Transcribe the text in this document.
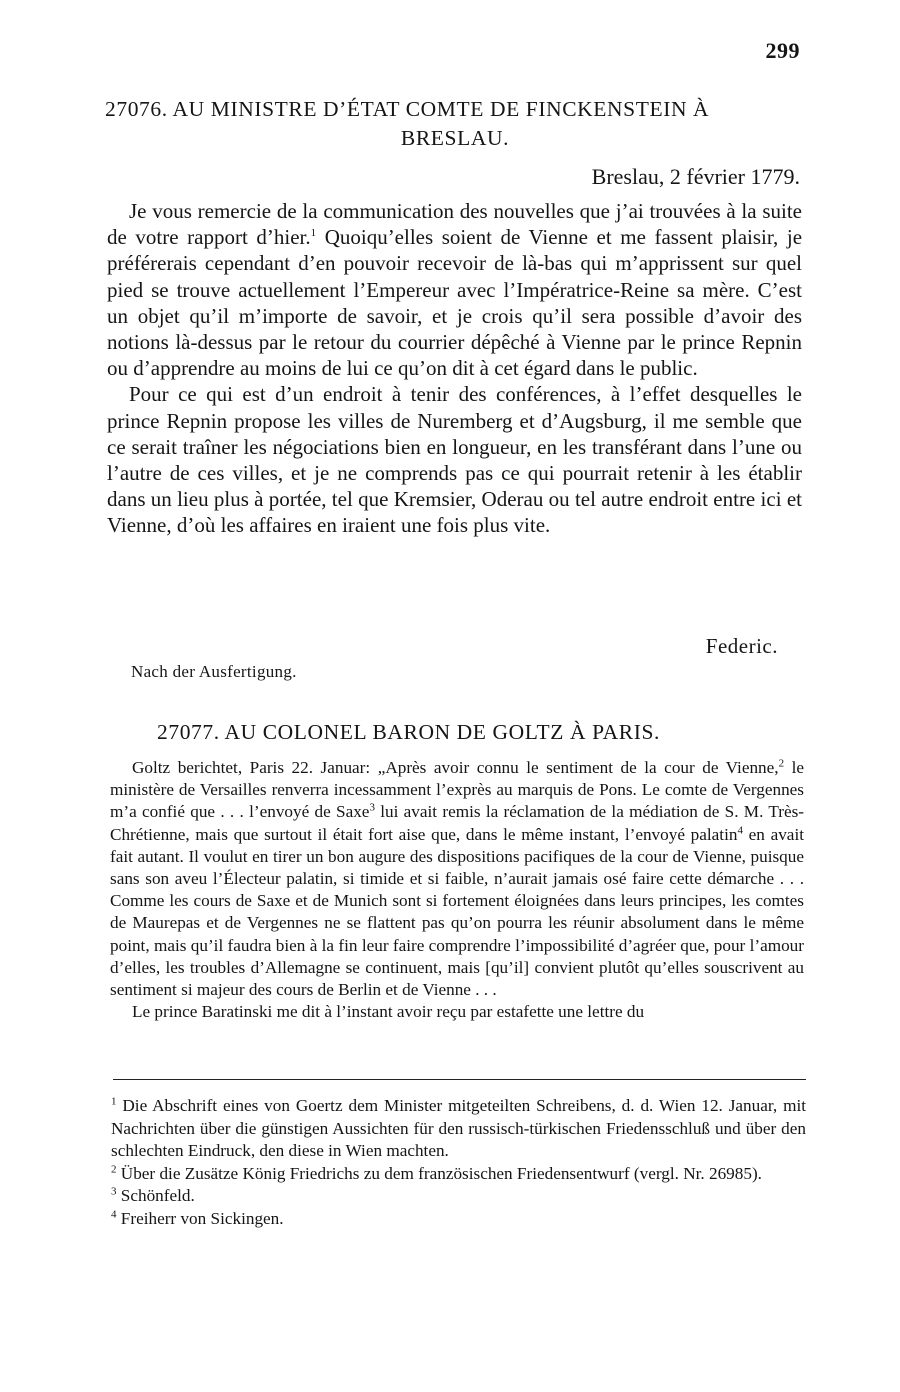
299
27076. AU MINISTRE D’ÉTAT COMTE DE FINCKENSTEIN À
BRESLAU.
Breslau, 2 février 1779.

Je vous remercie de la communication des nouvelles que j’ai trouvées à la suite de votre rapport d’hier.$^1$ Quoiqu’elles soient de Vienne et me fassent plaisir, je préférerais cependant d’en pouvoir recevoir de là-bas qui m’apprissent sur quel pied se trouve actuellement l’Empereur avec l’Impératrice-Reine sa mère. C’est un objet qu’il m’importe de savoir, et je crois qu’il sera possible d’avoir des notions là-dessus par le retour du courrier dépêché à Vienne par le prince Repnin ou d’apprendre au moins de lui ce qu’on dit à cet égard dans le public.

Pour ce qui est d’un endroit à tenir des conférences, à l’effet desquelles le prince Repnin propose les villes de Nuremberg et d’Augsburg, il me semble que ce serait traîner les négociations bien en longueur, en les transférant dans l’une ou l’autre de ces villes, et je ne comprends pas ce qui pourrait retenir à les établir dans un lieu plus à portée, tel que Kremsier, Oderau ou tel autre endroit entre ici et Vienne, d’où les affaires en iraient une fois plus vite.

Federic.
Nach der Ausfertigung.
27077. AU COLONEL BARON DE GOLTZ À PARIS.

Goltz berichtet, Paris 22. Januar: „Après avoir connu le sentiment de la cour de Vienne,$^2$ le ministère de Versailles renverra incessamment l’exprès au marquis de Pons. Le comte de Vergennes m’a confié que . . . l’envoyé de Saxe$^3$ lui avait remis la réclamation de la médiation de S. M. Très-Chrétienne, mais que surtout il était fort aise que, dans le même instant, l’envoyé palatin$^4$ en avait fait autant. Il voulut en tirer un bon augure des dispositions pacifiques de la cour de Vienne, puisque sans son aveu l’Électeur palatin, si timide et si faible, n’aurait jamais osé faire cette démarche . . . Comme les cours de Saxe et de Munich sont si fortement éloignées dans leurs principes, les comtes de Maurepas et de Vergennes ne se flattent pas qu’on pourra les réunir absolument dans le même point, mais qu’il faudra bien à la fin leur faire comprendre l’impossibilité d’agréer que, pour l’amour d’elles, les troubles d’Allemagne se continuent, mais [qu’il] convient plutôt qu’elles souscrivent au sentiment si majeur des cours de Berlin et de Vienne . . .

Le prince Baratinski me dit à l’instant avoir reçu par estafette une lettre du

$^1$ Die Abschrift eines von Goertz dem Minister mitgeteilten Schreibens, d. d. Wien 12. Januar, mit Nachrichten über die günstigen Aussichten für den russisch-türkischen Friedensschluß und über den schlechten Eindruck, den diese in Wien machten.

$^2$ Über die Zusätze König Friedrichs zu dem französischen Friedensentwurf (vergl. Nr. 26985).

$^3$ Schönfeld.

$^4$ Freiherr von Sickingen.
